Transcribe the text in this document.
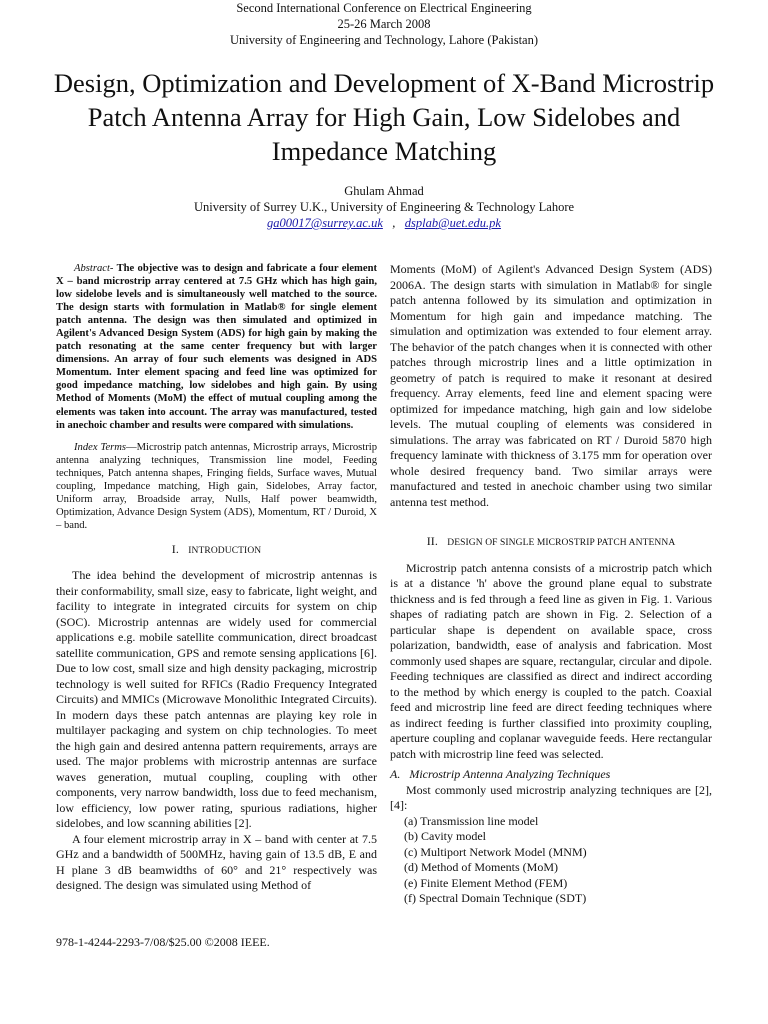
Second International Conference on Electrical Engineering
25-26 March 2008
University of Engineering and Technology, Lahore (Pakistan)
Design, Optimization and Development of X-Band Microstrip Patch Antenna Array for High Gain, Low Sidelobes and Impedance Matching
Ghulam Ahmad
University of Surrey U.K., University of Engineering & Technology Lahore
ga00017@surrey.ac.uk , dsplab@uet.edu.pk

Abstract- The objective was to design and fabricate a four element X – band microstrip array centered at 7.5 GHz which has high gain, low sidelobe levels and is simultaneously well matched to the source. The design starts with formulation in Matlab® for single element patch antenna. The design was then simulated and optimized in Agilent's Advanced Design System (ADS) for high gain by making the patch resonating at the same center frequency but with larger dimensions. An array of four such elements was designed in ADS Momentum. Inter element spacing and feed line was optimized for good impedance matching, low sidelobes and high gain. By using Method of Moments (MoM) the effect of mutual coupling among the elements was taken into account. The array was manufactured, tested in anechoic chamber and results were compared with simulations.

Index Terms—Microstrip patch antennas, Microstrip arrays, Microstrip antenna analyzing techniques, Transmission line model, Feeding techniques, Patch antenna shapes, Fringing fields, Surface waves, Mutual coupling, Impedance matching, High gain, Sidelobes, Array factor, Uniform array, Broadside array, Nulls, Half power beamwidth, Optimization, Advance Design System (ADS), Momentum, RT / Duroid, X – band.

I. INTRODUCTION

The idea behind the development of microstrip antennas is their conformability, small size, easy to fabricate, light weight, and facility to integrate in integrated circuits for system on chip (SOC). Microstrip antennas are widely used for commercial applications e.g. mobile satellite communication, direct broadcast satellite communication, GPS and remote sensing applications [6]. Due to low cost, small size and high density packaging, microstrip technology is well suited for RFICs (Radio Frequency Integrated Circuits) and MMICs (Microwave Monolithic Integrated Circuits). In modern days these patch antennas are playing key role in multilayer packaging and system on chip technologies. To meet the high gain and desired antenna pattern requirements, arrays are used. The major problems with microstrip antennas are surface waves generation, mutual coupling, coupling with other components, very narrow bandwidth, loss due to feed mechanism, low efficiency, low power rating, spurious radiations, higher sidelobes, and low scanning abilities [2].

A four element microstrip array in X – band with center at 7.5 GHz and a bandwidth of 500MHz, having gain of 13.5 dB, E and H plane 3 dB beamwidths of 60° and 21° respectively was designed. The design was simulated using Method of

Moments (MoM) of Agilent's Advanced Design System (ADS) 2006A. The design starts with simulation in Matlab® for single patch antenna followed by its simulation and optimization in Momentum for high gain and impedance matching. The simulation and optimization was extended to four element array. The behavior of the patch changes when it is connected with other patches through microstrip lines and a little optimization in geometry of patch is required to make it resonant at desired frequency. Array elements, feed line and element spacing were optimized for impedance matching, high gain and low sidelobe levels. The mutual coupling of elements was considered in simulations. The array was fabricated on RT / Duroid 5870 high frequency laminate with thickness of 3.175 mm for operation over whole desired frequency band. Two similar arrays were manufactured and tested in anechoic chamber using two similar antenna test method.

II. DESIGN OF SINGLE MICROSTRIP PATCH ANTENNA

Microstrip patch antenna consists of a microstrip patch which is at a distance 'h' above the ground plane equal to substrate thickness and is fed through a feed line as given in Fig. 1. Various shapes of radiating patch are shown in Fig. 2. Selection of a particular shape is dependent on available space, cross polarization, bandwidth, ease of analysis and fabrication. Most commonly used shapes are square, rectangular, circular and dipole. Feeding techniques are classified as direct and indirect according to the method by which energy is coupled to the patch. Coaxial feed and microstrip line feed are direct feeding techniques where as indirect feeding is further classified into proximity coupling, aperture coupling and coplanar waveguide feeds. Here rectangular patch with microstrip line feed was selected.

A. Microstrip Antenna Analyzing Techniques

Most commonly used microstrip analyzing techniques are [2], [4]:

(a) Transmission line model
(b) Cavity model
(c) Multiport Network Model (MNM)
(d) Method of Moments (MoM)
(e) Finite Element Method (FEM)
(f) Spectral Domain Technique (SDT)
978-1-4244-2293-7/08/$25.00 ©2008 IEEE.
